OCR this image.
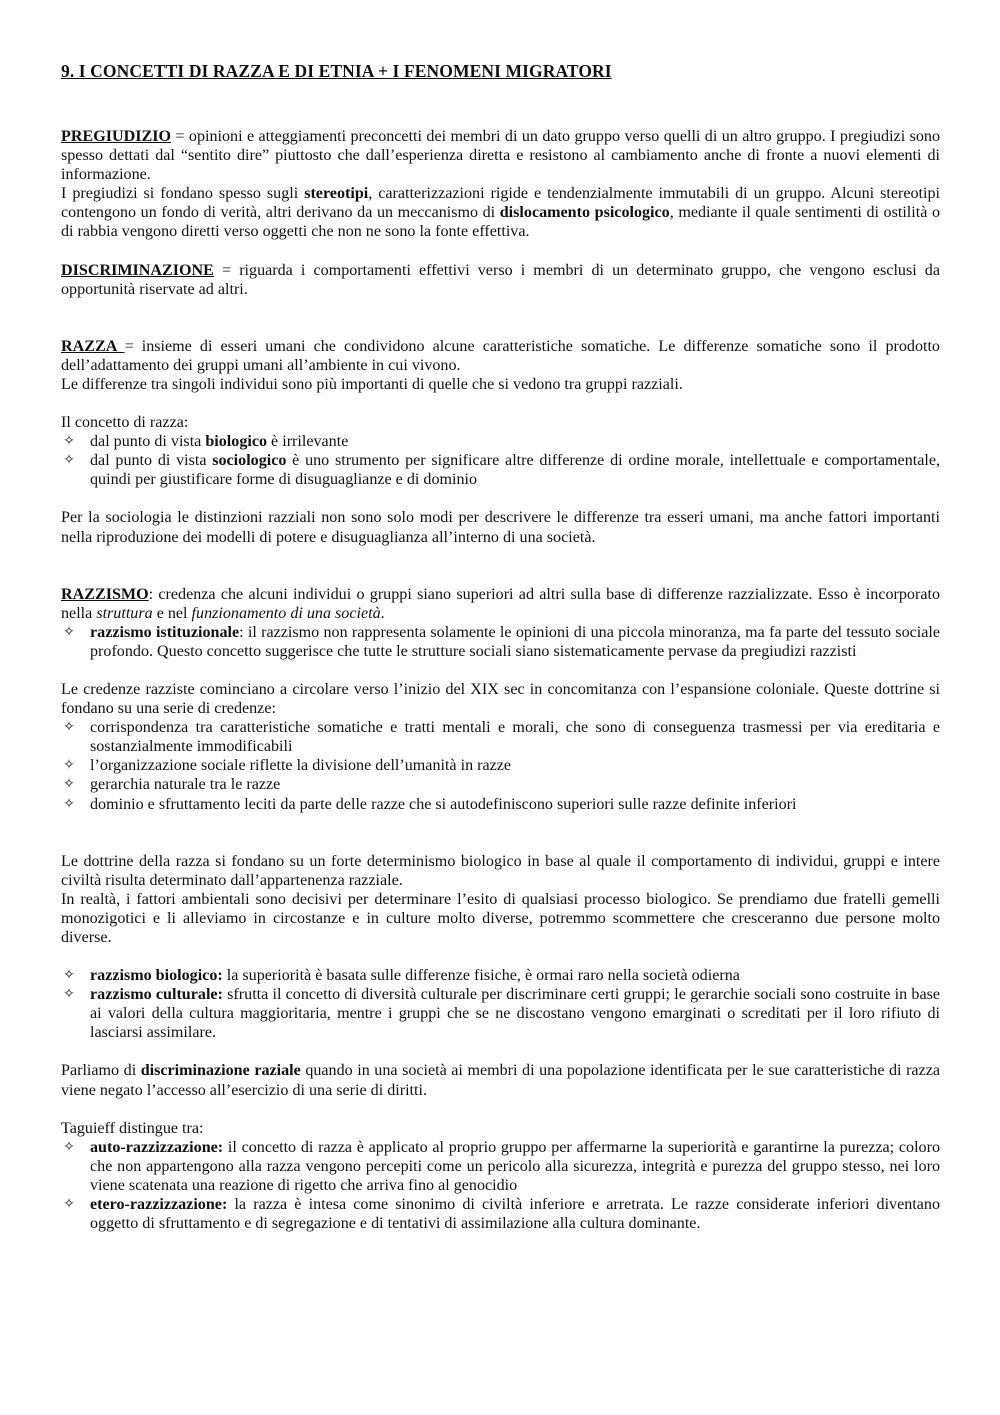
9. I CONCETTI DI RAZZA E DI ETNIA + I FENOMENI MIGRATORI

PREGIUDIZIO = opinioni e atteggiamenti preconcetti dei membri di un dato gruppo verso quelli di un altro gruppo. I pregiudizi sono spesso dettati dal “sentito dire” piuttosto che dall’esperienza diretta e resistono al cambiamento anche di fronte a nuovi elementi di informazione.

I pregiudizi si fondano spesso sugli stereotipi, caratterizzazioni rigide e tendenzialmente immutabili di un gruppo. Alcuni stereotipi contengono un fondo di verità, altri derivano da un meccanismo di dislocamento psicologico, mediante il quale sentimenti di ostilità o di rabbia vengono diretti verso oggetti che non ne sono la fonte effettiva.

DISCRIMINAZIONE = riguarda i comportamenti effettivi verso i membri di un determinato gruppo, che vengono esclusi da opportunità riservate ad altri.

RAZZA = insieme di esseri umani che condividono alcune caratteristiche somatiche. Le differenze somatiche sono il prodotto dell’adattamento dei gruppi umani all’ambiente in cui vivono.

Le differenze tra singoli individui sono più importanti di quelle che si vedono tra gruppi razziali.

Il concetto di razza:

✧ dal punto di vista biologico è irrilevante
✧ dal punto di vista sociologico è uno strumento per significare altre differenze di ordine morale, intellettuale e comportamentale, quindi per giustificare forme di disuguaglianze e di dominio

Per la sociologia le distinzioni razziali non sono solo modi per descrivere le differenze tra esseri umani, ma anche fattori importanti nella riproduzione dei modelli di potere e disuguaglianza all’interno di una società.

RAZZISMO: credenza che alcuni individui o gruppi siano superiori ad altri sulla base di differenze razzializzate. Esso è incorporato nella struttura e nel funzionamento di una società.

✧ razzismo istituzionale: il razzismo non rappresenta solamente le opinioni di una piccola minoranza, ma fa parte del tessuto sociale profondo. Questo concetto suggerisce che tutte le strutture sociali siano sistematicamente pervase da pregiudizi razzisti

Le credenze razziste cominciano a circolare verso l’inizio del XIX sec in concomitanza con l’espansione coloniale. Queste dottrine si fondano su una serie di credenze:

✧ corrispondenza tra caratteristiche somatiche e tratti mentali e morali, che sono di conseguenza trasmessi per via ereditaria e sostanzialmente immodificabili
✧ l’organizzazione sociale riflette la divisione dell’umanità in razze
✧ gerarchia naturale tra le razze
✧ dominio e sfruttamento leciti da parte delle razze che si autodefiniscono superiori sulle razze definite inferiori

Le dottrine della razza si fondano su un forte determinismo biologico in base al quale il comportamento di individui, gruppi e intere civiltà risulta determinato dall’appartenenza razziale.

In realtà, i fattori ambientali sono decisivi per determinare l’esito di qualsiasi processo biologico. Se prendiamo due fratelli gemelli monozigotici e li alleviamo in circostanze e in culture molto diverse, potremmo scommettere che cresceranno due persone molto diverse.

✧ razzismo biologico: la superiorità è basata sulle differenze fisiche, è ormai raro nella società odierna
✧ razzismo culturale: sfrutta il concetto di diversità culturale per discriminare certi gruppi; le gerarchie sociali sono costruite in base ai valori della cultura maggioritaria, mentre i gruppi che se ne discostano vengono emarginati o screditati per il loro rifiuto di lasciarsi assimilare.

Parliamo di discriminazione raziale quando in una società ai membri di una popolazione identificata per le sue caratteristiche di razza viene negato l’accesso all’esercizio di una serie di diritti.

Taguieff distingue tra:

✧ auto-razzizzazione: il concetto di razza è applicato al proprio gruppo per affermarne la superiorità e garantirne la purezza; coloro che non appartengono alla razza vengono percepiti come un pericolo alla sicurezza, integrità e purezza del gruppo stesso, nei loro viene scatenata una reazione di rigetto che arriva fino al genocidio
✧ etero-razzizzazione: la razza è intesa come sinonimo di civiltà inferiore e arretrata. Le razze considerate inferiori diventano oggetto di sfruttamento e di segregazione e di tentativi di assimilazione alla cultura dominante.
